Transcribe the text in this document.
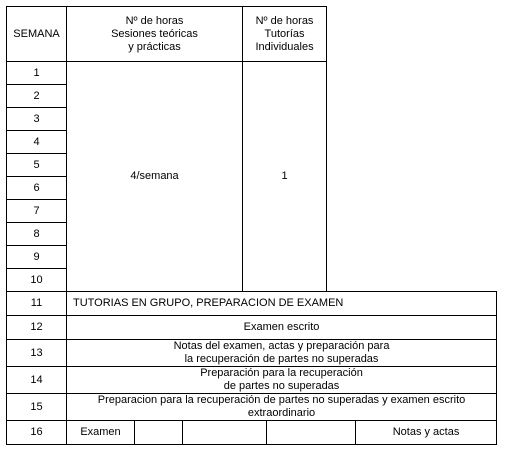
SEMANA	Nº de horas
Sesiones teóricas
y prácticas			Nº de horas
Tutorías
Individuales		

1	4/semana			1		
2						
3						
4						
5						
6						
7						
8						
9						
10						
11	TUTORIAS EN GRUPO, PREPARACION DE EXAMEN					
12	Examen escrito					
13	Notas del examen, actas y preparación para
la recuperación de partes no superadas					

14	Preparación para la recuperación
de partes no superadas					

15	Preparacion para la recuperación de partes no superadas y examen escrito
extraordinario					

16	Examen					Notas y actas
